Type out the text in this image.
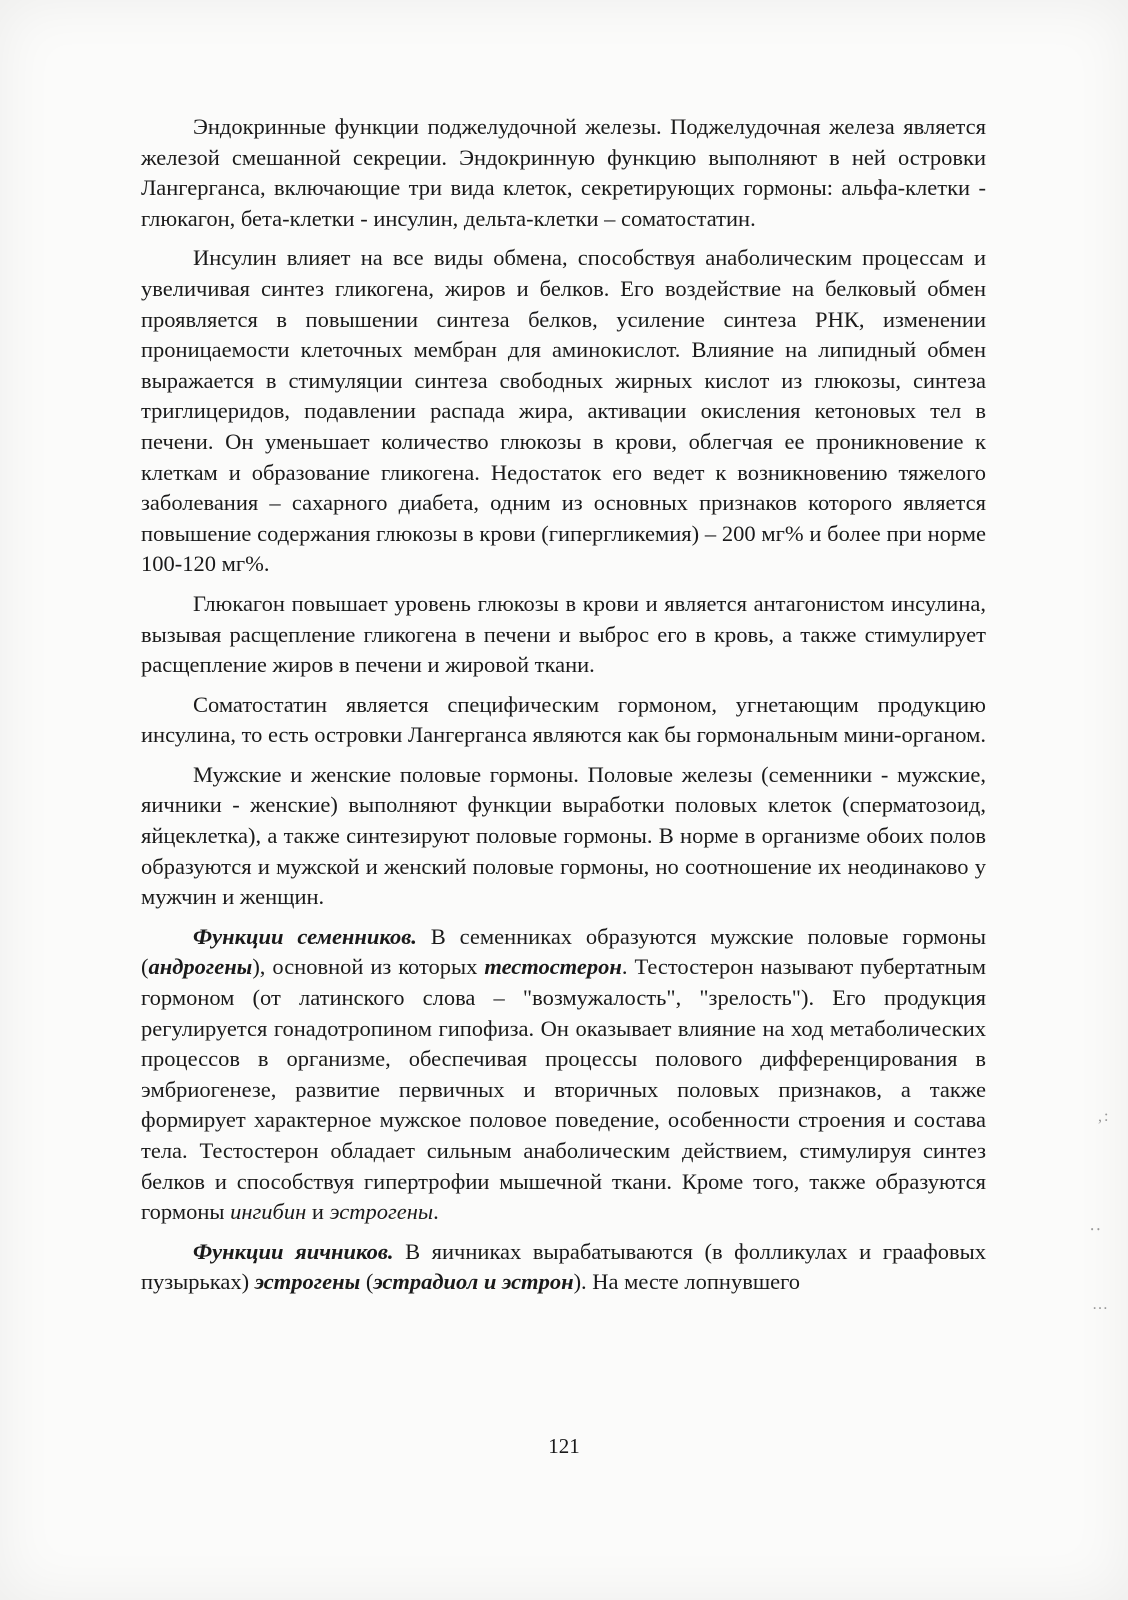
Эндокринные функции поджелудочной железы. Поджелудочная железа является железой смешанной секреции. Эндокринную функцию выполняют в ней островки Лангерганса, включающие три вида клеток, секретирующих гормоны: альфа-клетки - глюкагон, бета-клетки - инсулин, дельта-клетки – соматостатин.

Инсулин влияет на все виды обмена, способствуя анаболическим процессам и увеличивая синтез гликогена, жиров и белков. Его воздействие на белковый обмен проявляется в повышении синтеза белков, усиление синтеза РНК, изменении проницаемости клеточных мембран для аминокислот. Влияние на липидный обмен выражается в стимуляции синтеза свободных жирных кислот из глюкозы, синтеза триглицеридов, подавлении распада жира, активации окисления кетоновых тел в печени. Он уменьшает количество глюкозы в крови, облегчая ее проникновение к клеткам и образование гликогена. Недостаток его ведет к возникновению тяжелого заболевания – сахарного диабета, одним из основных признаков которого является повышение содержания глюкозы в крови (гипергликемия) – 200 мг% и более при норме 100-120 мг%.

Глюкагон повышает уровень глюкозы в крови и является антагонистом инсулина, вызывая расщепление гликогена в печени и выброс его в кровь, а также стимулирует расщепление жиров в печени и жировой ткани.

Соматостатин является специфическим гормоном, угнетающим продукцию инсулина, то есть островки Лангерганса являются как бы гормональным мини-органом.

Мужские и женские половые гормоны. Половые железы (семенники - мужские, яичники - женские) выполняют функции выработки половых клеток (сперматозоид, яйцеклетка), а также синтезируют половые гормоны. В норме в организме обоих полов образуются и мужской и женский половые гормоны, но соотношение их неодинаково у мужчин и женщин.

Функции семенников. В семенниках образуются мужские половые гормоны (андрогены), основной из которых тестостерон. Тестостерон называют пубертатным гормоном (от латинского слова – "возмужалость", "зрелость"). Его продукция регулируется гонадотропином гипофиза. Он оказывает влияние на ход метаболических процессов в организме, обеспечивая процессы полового дифференцирования в эмбриогенезе, развитие первичных и вторичных половых признаков, а также формирует характерное мужское половое поведение, особенности строения и состава тела. Тестостерон обладает сильным анаболическим действием, стимулируя синтез белков и способствуя гипертрофии мышечной ткани. Кроме того, также образуются гормоны ингибин и эстрогены.

Функции яичников. В яичниках вырабатываются (в фолликулах и граафовых пузырьках) эстрогены (эстрадиол и эстрон). На месте лопнувшего

121
,:
⸱⸱
…
